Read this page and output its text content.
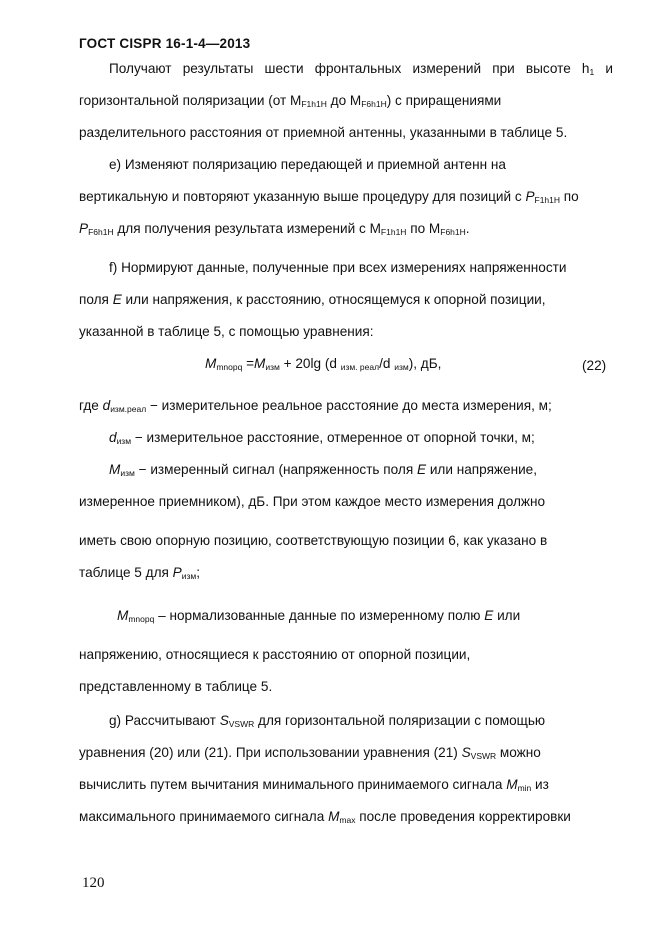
ГОСТ CISPR 16-1-4—2013
Получают результаты шести фронтальных измерений при высоте $h_1$ и
горизонтальной поляризации (от $М_{F1h1H}$ до $М_{F6h1H}$) с приращениями
разделительного расстояния от приемной антенны, указанными в таблице 5.
е) Изменяют поляризацию передающей и приемной антенн на
вертикальную и повторяют указанную выше процедуру для позиций с $P_{F1h1H}$ по
$P_{F6h1H}$ для получения результата измерений с $М_{F1h1H}$ по $М_{F6h1H}$.
f) Нормируют данные, полученные при всех измерениях напряженности
поля E или напряжения, к расстоянию, относящемуся к опорной позиции,
указанной в таблице 5, с помощью уравнения:
$M_{mnopq} =M_{изм} + 20\lg$ (d $_{изм. реал}$/d $_{изм}$), дБ,	(22)
где $d_{изм.реал}$ − измерительное реальное расстояние до места измерения, м;
$d_{изм}$ − измерительное расстояние, отмеренное от опорной точки, м;
$M_{изм}$ − измеренный сигнал (напряженность поля E или напряжение,
измеренное приемником), дБ. При этом каждое место измерения должно
иметь свою опорную позицию, соответствующую позиции 6, как указано в
таблице 5 для $P_{изм}$;
$M_{mnopq}$ – нормализованные данные по измеренному полю E или
напряжению, относящиеся к расстоянию от опорной позиции,
представленному в таблице 5.
g) Рассчитывают $S_{VSWR}$ для горизонтальной поляризации с помощью
уравнения (20) или (21). При использовании уравнения (21) $S_{VSWR}$ можно
вычислить путем вычитания минимального принимаемого сигнала $M_{min}$ из
максимального принимаемого сигнала $M_{max}$ после проведения корректировки
120
